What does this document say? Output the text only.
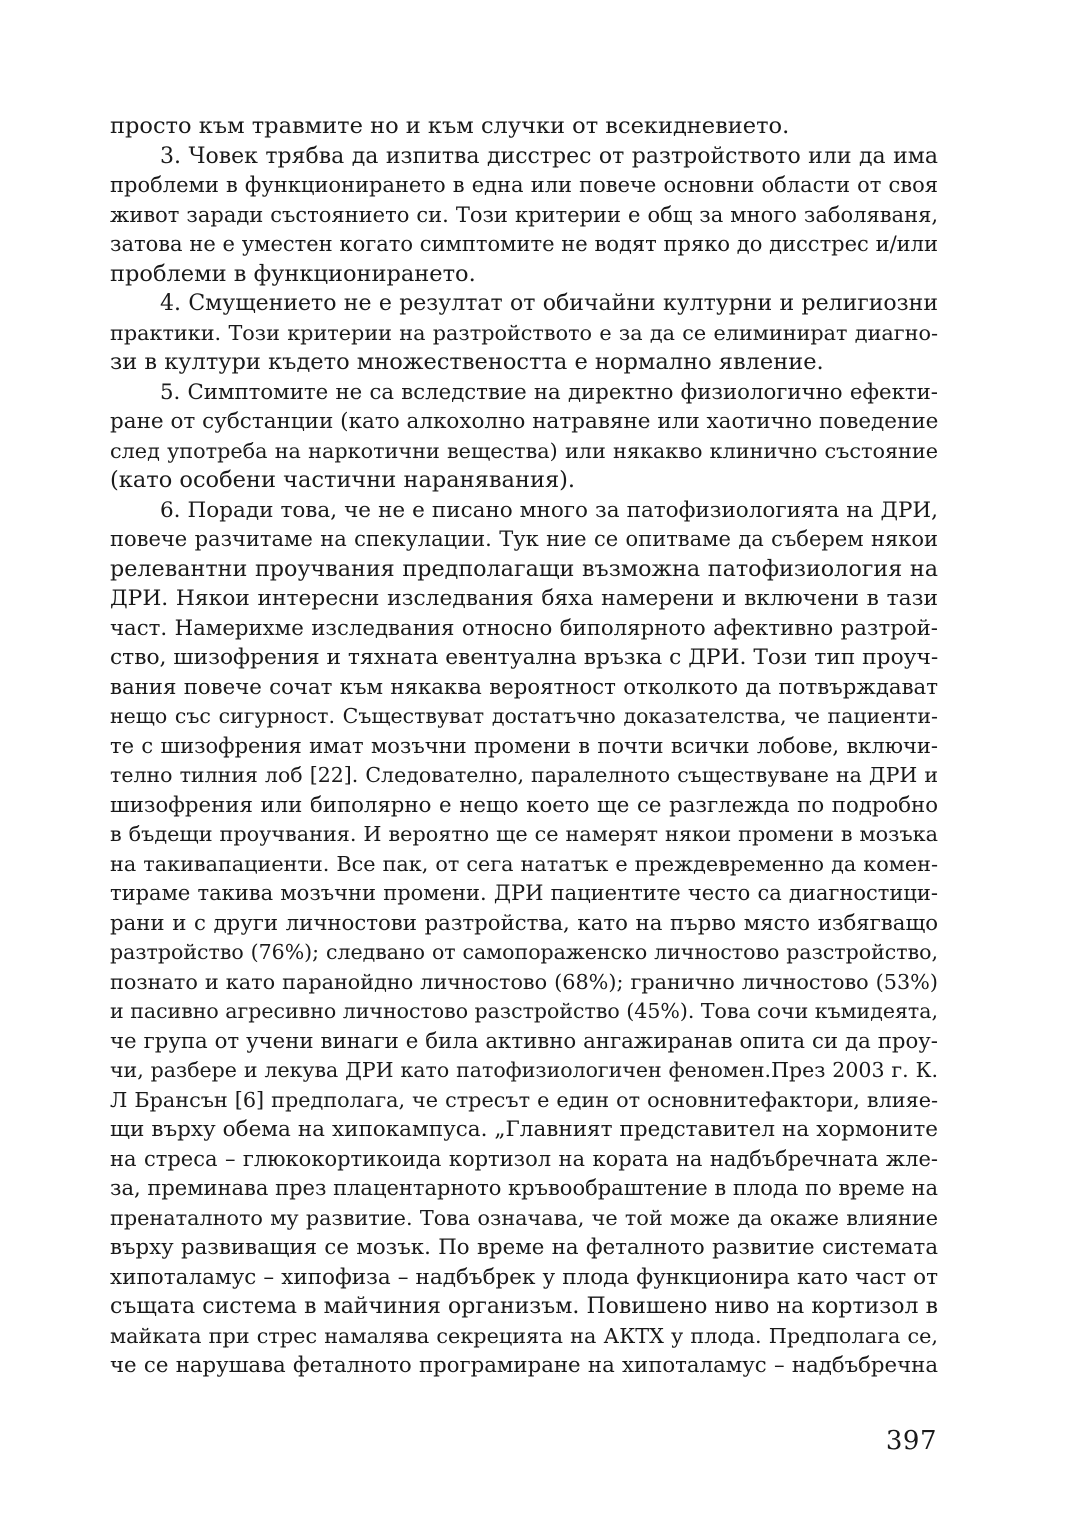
просто към травмите но и към случки от всекидневието.
3. Човек трябва да изпитва дисстрес от разтройството или да има
проблеми в функционирането в една или повече основни области от своя
живот заради състоянието си. Този критерии е общ за много заболяваня,
затова не е уместен когато симптомите не водят пряко до дисстрес и/или
проблеми в функционирането.
4. Смущението не е резултат от обичайни културни и религиозни
практики. Този критерии на разтройството е за да се елиминират диагно-
зи в култури където множествеността е нормално явление.
5. Симптомите не са вследствие на директно физиологично ефекти-
ране от субстанции (като алкохолно натравяне или хаотично поведение
след употреба на наркотични вещества) или някакво клинично състояние
(като особени частични наранявания).
6. Поради това, че не е писано много за патофизиологията на ДРИ,
повече разчитаме на спекулации. Тук ние се опитваме да съберем някои
релевантни проучвания предполагащи възможна патофизиология на
ДРИ. Някои интересни изследвания бяха намерени и включени в тази
част. Намерихме изследвания относно биполярното афективно разтрой-
ство, шизофрения и тяхната евентуална връзка с ДРИ. Този тип проуч-
вания повече сочат към някаква вероятност отколкото да потвърждават
нещо със сигурност. Съществуват достатъчно доказателства, че пациенти-
те с шизофрения имат мозъчни промени в почти всички лобове, включи-
телно тилния лоб [22]. Следователно, паралелното съществуване на ДРИ и
шизофрения или биполярно е нещо което ще се разглежда по подробно
в бъдещи проучвания. И вероятно ще се намерят някои промени в мозъка
на такивапациенти. Все пак, от сега нататък е преждевременно да комен-
тираме такива мозъчни промени. ДРИ пациентите често са диагностици-
рани и с други личностови разтройства, като на първо място избягващо
разтройство (76%); следвано от самопораженско личностово разстройство,
познато и като паранойдно личностово (68%); гранично личностово (53%)
и пасивно агресивно личностово разстройство (45%). Това сочи къмидеята,
че група от учени винаги е била активно ангажиранав опита си да проу-
чи, разбере и лекува ДРИ като патофизиологичен феномен.През 2003 г. К.
Л Брансън [6] предполага, че стресът е един от основнитефактори, влияе-
щи върху обема на хипокампуса. „Главният представител на хормоните
на стреса – глюкокортикоида кортизол на кората на надбъбречната жле-
за, преминава през плацентарното кръвообраштение в плода по време на
пренаталното му развитие. Това означава, че той може да окаже влияние
върху развиващия се мозък. По време на феталното развитие системата
хипоталамус – хипофиза – надбъбрек у плода функционира като част от
същата система в майчиния организъм. Повишено ниво на кортизол в
майката при стрес намалява секрецията на АКТХ у плода. Предполага се,
че се нарушава феталното програмиране на хипоталамус – надбъбречна
397
